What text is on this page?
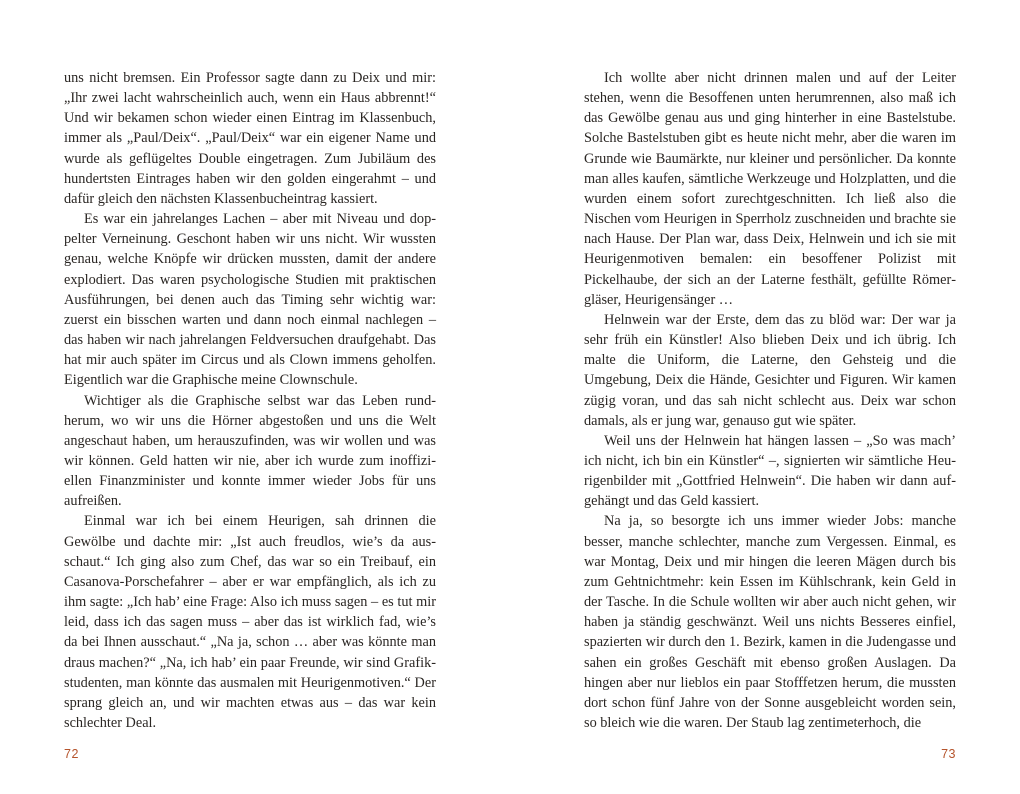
uns nicht bremsen. Ein Professor sagte dann zu Deix und mir: „Ihr zwei lacht wahrscheinlich auch, wenn ein Haus abbrennt!“ Und wir bekamen schon wieder einen Eintrag im Klassenbuch, immer als „Paul/Deix“. „Paul/Deix“ war ein eigener Name und wurde als geflügeltes Double eingetragen. Zum Jubiläum des hundertsten Eintrages haben wir den golden eingerahmt – und dafür gleich den nächsten Klassenbucheintrag kassiert.

Es war ein jahrelanges Lachen – aber mit Niveau und doppelter Verneinung. Geschont haben wir uns nicht. Wir wussten genau, welche Knöpfe wir drücken mussten, damit der andere explodiert. Das waren psychologische Studien mit praktischen Ausführungen, bei denen auch das Timing sehr wichtig war: zuerst ein bisschen warten und dann noch einmal nachlegen – das haben wir nach jahrelangen Feldversuchen draufgehabt. Das hat mir auch später im Circus und als Clown immens geholfen. Eigentlich war die Graphische meine Clownschule.

Wichtiger als die Graphische selbst war das Leben rundherum, wo wir uns die Hörner abgestoßen und uns die Welt angeschaut haben, um herauszufinden, was wir wollen und was wir können. Geld hatten wir nie, aber ich wurde zum inoffiziellen Finanzminister und konnte immer wieder Jobs für uns aufreißen.

Einmal war ich bei einem Heurigen, sah drinnen die Gewölbe und dachte mir: „Ist auch freudlos, wie’s da ausschaut.“ Ich ging also zum Chef, das war so ein Treibauf, ein Casanova-Porschefahrer – aber er war empfänglich, als ich zu ihm sagte: „Ich hab’ eine Frage: Also ich muss sagen – es tut mir leid, dass ich das sagen muss – aber das ist wirklich fad, wie’s da bei Ihnen ausschaut.“ „Na ja, schon … aber was könnte man draus machen?“ „Na, ich hab’ ein paar Freunde, wir sind Grafikstudenten, man könnte das ausmalen mit Heurigenmotiven.“ Der sprang gleich an, und wir machten etwas aus – das war kein schlechter Deal.

72

Ich wollte aber nicht drinnen malen und auf der Leiter stehen, wenn die Besoffenen unten herumrennen, also maß ich das Gewölbe genau aus und ging hinterher in eine Bastelstube. Solche Bastelstuben gibt es heute nicht mehr, aber die waren im Grunde wie Baumärkte, nur kleiner und persönlicher. Da konnte man alles kaufen, sämtliche Werkzeuge und Holzplatten, und die wurden einem sofort zurechtgeschnitten. Ich ließ also die Nischen vom Heurigen in Sperrholz zuschneiden und brachte sie nach Hause. Der Plan war, dass Deix, Helnwein und ich sie mit Heurigenmotiven bemalen: ein besoffener Polizist mit Pickelhaube, der sich an der Laterne festhält, gefüllte Römergläser, Heurigensänger …

Helnwein war der Erste, dem das zu blöd war: Der war ja sehr früh ein Künstler! Also blieben Deix und ich übrig. Ich malte die Uniform, die Laterne, den Gehsteig und die Umgebung, Deix die Hände, Gesichter und Figuren. Wir kamen zügig voran, und das sah nicht schlecht aus. Deix war schon damals, als er jung war, genauso gut wie später.

Weil uns der Helnwein hat hängen lassen – „So was mach’ ich nicht, ich bin ein Künstler“ –, signierten wir sämtliche Heurigenbilder mit „Gottfried Helnwein“. Die haben wir dann aufgehängt und das Geld kassiert.

Na ja, so besorgte ich uns immer wieder Jobs: manche besser, manche schlechter, manche zum Vergessen. Einmal, es war Montag, Deix und mir hingen die leeren Mägen durch bis zum Gehtnichtmehr: kein Essen im Kühlschrank, kein Geld in der Tasche. In die Schule wollten wir aber auch nicht gehen, wir haben ja ständig geschwänzt. Weil uns nichts Besseres einfiel, spazierten wir durch den 1. Bezirk, kamen in die Judengasse und sahen ein großes Geschäft mit ebenso großen Auslagen. Da hingen aber nur lieblos ein paar Stofffetzen herum, die mussten dort schon fünf Jahre von der Sonne ausgebleicht worden sein, so bleich wie die waren. Der Staub lag zentimeterhoch, die

73
